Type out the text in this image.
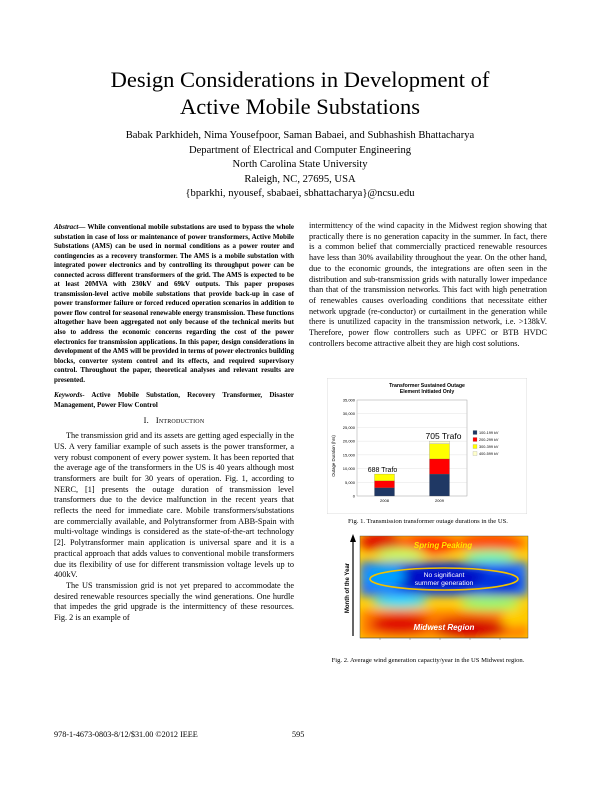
Design Considerations in Development of
Active Mobile Substations
Babak Parkhideh, Nima Yousefpoor, Saman Babaei, and Subhashish Bhattacharya
Department of Electrical and Computer Engineering
North Carolina State University
Raleigh, NC, 27695, USA
{bparkhi, nyousef, sbabaei, sbhattacharya}@ncsu.edu

Abstract— While conventional mobile substations are used to bypass the whole substation in case of loss or maintenance of power transformers, Active Mobile Substations (AMS) can be used in normal conditions as a power router and contingencies as a recovery transformer. The AMS is a mobile substation with integrated power electronics and by controlling its throughput power can be connected across different transformers of the grid. The AMS is expected to be at least 20MVA with 230kV and 69kV outputs. This paper proposes transmission-level active mobile substations that provide back-up in case of power transformer failure or forced reduced operation scenarios in addition to power flow control for seasonal renewable energy transmission. These functions altogether have been aggregated not only because of the technical merits but also to address the economic concerns regarding the cost of the power electronics for transmission applications. In this paper, design considerations in development of the AMS will be provided in terms of power electronics building blocks, converter system control and its effects, and required supervisory control. Throughout the paper, theoretical analyses and relevant results are presented.

Keywords- Active Mobile Substation, Recovery Transformer, Disaster Management, Power Flow Control

I. Introduction

The transmission grid and its assets are getting aged especially in the US. A very familiar example of such assets is the power transformer, a very robust component of every power system. It has been reported that the average age of the transformers in the US is 40 years although most transformers are built for 30 years of operation. Fig. 1, according to NERC, [1] presents the outage duration of transmission level transformers due to the device malfunction in the recent years that reflects the need for immediate care. Mobile transformers/substations are commercially available, and Polytransformer from ABB-Spain with multi-voltage windings is considered as the state-of-the-art technology [2]. Polytransformer main application is universal spare and it is a practical approach that adds values to conventional mobile transformers due its flexibility of use for different transmission voltage levels up to 400kV.

The US transmission grid is not yet prepared to accommodate the desired renewable resources specially the wind generations. One hurdle that impedes the grid upgrade is the intermittency of these resources. Fig. 2 is an example of

intermittency of the wind capacity in the Midwest region showing that practically there is no generation capacity in the summer. In fact, there is a common belief that commercially practiced renewable resources have less than 30% availability throughout the year. On the other hand, due to the economic grounds, the integrations are often seen in the distribution and sub-transmission grids with naturally lower impedance than that of the transmission networks. This fact with high penetration of renewables causes overloading conditions that necessitate either network upgrade (re-conductor) or curtailment in the generation while there is unutilized capacity in the transmission network, i.e. >138kV. Therefore, power flow controllers such as UPFC or BTB HVDC controllers become attractive albeit they are high cost solutions.

Transformer Sustained Outage
Element Initiated Only
Outage Duration (hrs)
0
5,000
10,000
15,000
20,000
25,000
30,000
35,000
2008
688 Trafo
2009
705 Trafo	100-199 kV
200-299 kV
300-399 kV
400-599 kV
Fig. 1. Transmission transformer outage durations in the US.
Month of the Year
Spring Peaking
No significant
summer generation
Midwest Region
Fig. 2. Average wind generation capacity/year in the US Midwest region.
978-1-4673-0803-8/12/$31.00 ©2012 IEEE	595
